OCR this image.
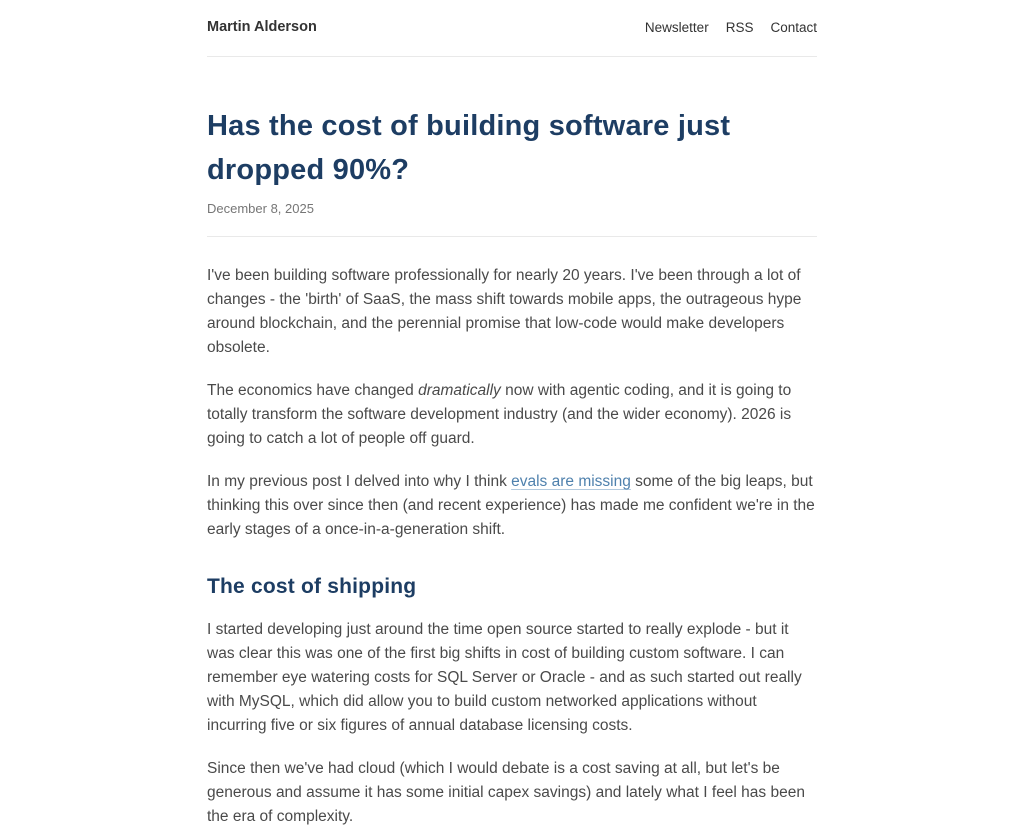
Martin Alderson	Newsletter RSS Contact
Has the cost of building software just dropped 90%?
December 8, 2025

I've been building software professionally for nearly 20 years. I've been through a lot of changes - the 'birth' of SaaS, the mass shift towards mobile apps, the outrageous hype around blockchain, and the perennial promise that low-code would make developers obsolete.

The economics have changed dramatically now with agentic coding, and it is going to totally transform the software development industry (and the wider economy). 2026 is going to catch a lot of people off guard.

In my previous post I delved into why I think evals are missing some of the big leaps, but thinking this over since then (and recent experience) has made me confident we're in the early stages of a once-in-a-generation shift.

The cost of shipping

I started developing just around the time open source started to really explode - but it was clear this was one of the first big shifts in cost of building custom software. I can remember eye watering costs for SQL Server or Oracle - and as such started out really with MySQL, which did allow you to build custom networked applications without incurring five or six figures of annual database licensing costs.

Since then we've had cloud (which I would debate is a cost saving at all, but let's be generous and assume it has some initial capex savings) and lately what I feel has been the era of complexity.
